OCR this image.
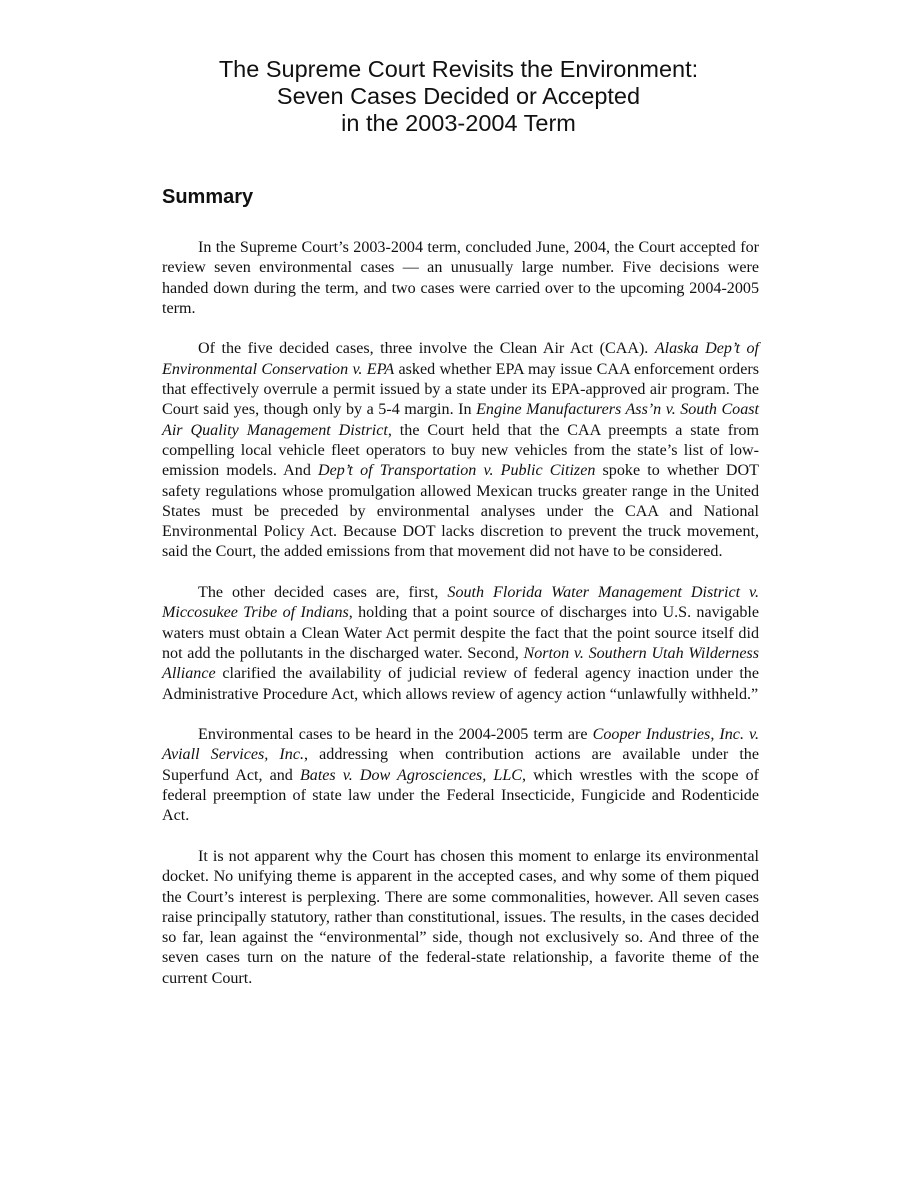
The Supreme Court Revisits the Environment:
Seven Cases Decided or Accepted
in the 2003-2004 Term
Summary

In the Supreme Court’s 2003-2004 term, concluded June, 2004, the Court accepted for review seven environmental cases — an unusually large number. Five decisions were handed down during the term, and two cases were carried over to the upcoming 2004-2005 term.

Of the five decided cases, three involve the Clean Air Act (CAA). Alaska Dep’t of Environmental Conservation v. EPA asked whether EPA may issue CAA enforcement orders that effectively overrule a permit issued by a state under its EPA-approved air program. The Court said yes, though only by a 5-4 margin. In Engine Manufacturers Ass’n v. South Coast Air Quality Management District, the Court held that the CAA preempts a state from compelling local vehicle fleet operators to buy new vehicles from the state’s list of low-emission models. And Dep’t of Transportation v. Public Citizen spoke to whether DOT safety regulations whose promulgation allowed Mexican trucks greater range in the United States must be preceded by environmental analyses under the CAA and National Environmental Policy Act. Because DOT lacks discretion to prevent the truck movement, said the Court, the added emissions from that movement did not have to be considered.

The other decided cases are, first, South Florida Water Management District v. Miccosukee Tribe of Indians, holding that a point source of discharges into U.S. navigable waters must obtain a Clean Water Act permit despite the fact that the point source itself did not add the pollutants in the discharged water. Second, Norton v. Southern Utah Wilderness Alliance clarified the availability of judicial review of federal agency inaction under the Administrative Procedure Act, which allows review of agency action “unlawfully withheld.”

Environmental cases to be heard in the 2004-2005 term are Cooper Industries, Inc. v. Aviall Services, Inc., addressing when contribution actions are available under the Superfund Act, and Bates v. Dow Agrosciences, LLC, which wrestles with the scope of federal preemption of state law under the Federal Insecticide, Fungicide and Rodenticide Act.

It is not apparent why the Court has chosen this moment to enlarge its environmental docket. No unifying theme is apparent in the accepted cases, and why some of them piqued the Court’s interest is perplexing. There are some commonalities, however. All seven cases raise principally statutory, rather than constitutional, issues. The results, in the cases decided so far, lean against the “environmental” side, though not exclusively so. And three of the seven cases turn on the nature of the federal-state relationship, a favorite theme of the current Court.
